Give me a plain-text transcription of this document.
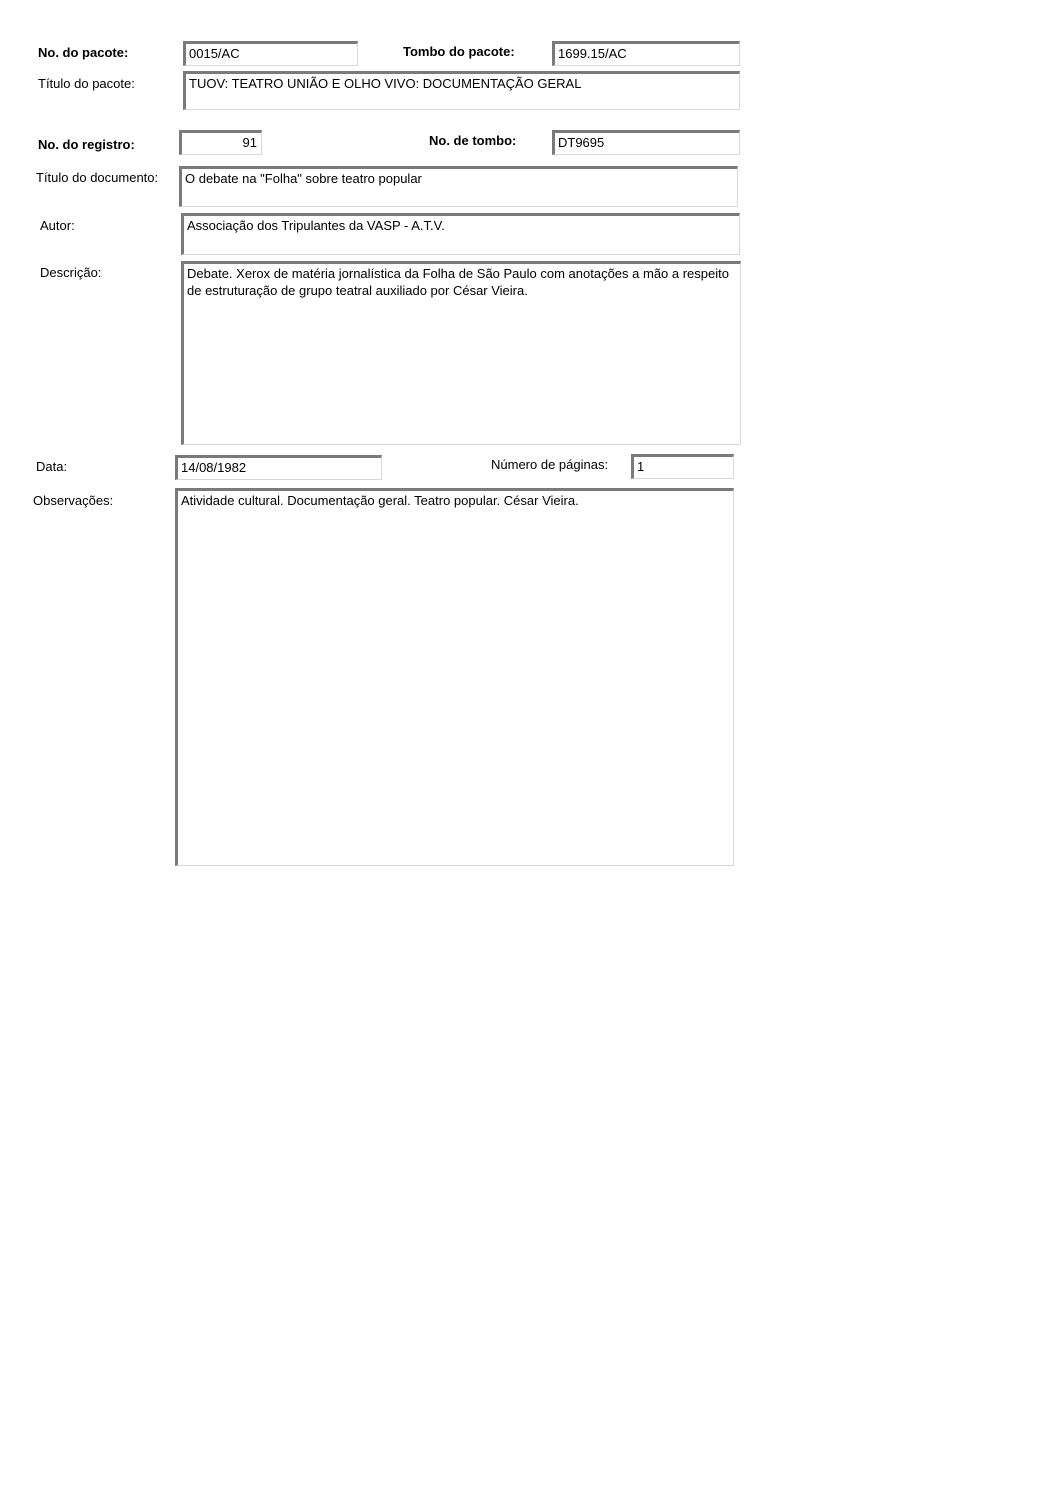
No. do pacote:	0015/AC	Tombo do pacote:	1699.15/AC
Título do pacote:	TUOV: TEATRO UNIÃO E OLHO VIVO: DOCUMENTAÇÃO GERAL
No. do registro:	91	No. de tombo:	DT9695
Título do documento:	O debate na "Folha" sobre teatro popular
Autor:	Associação dos Tripulantes da VASP - A.T.V.
Descrição:	Debate. Xerox de matéria jornalística da Folha de São Paulo com anotações a mão a respeito de estruturação de grupo teatral auxiliado por César Vieira.
Data:	14/08/1982	Número de páginas:	1
Observações:	Atividade cultural. Documentação geral. Teatro popular. César Vieira.
